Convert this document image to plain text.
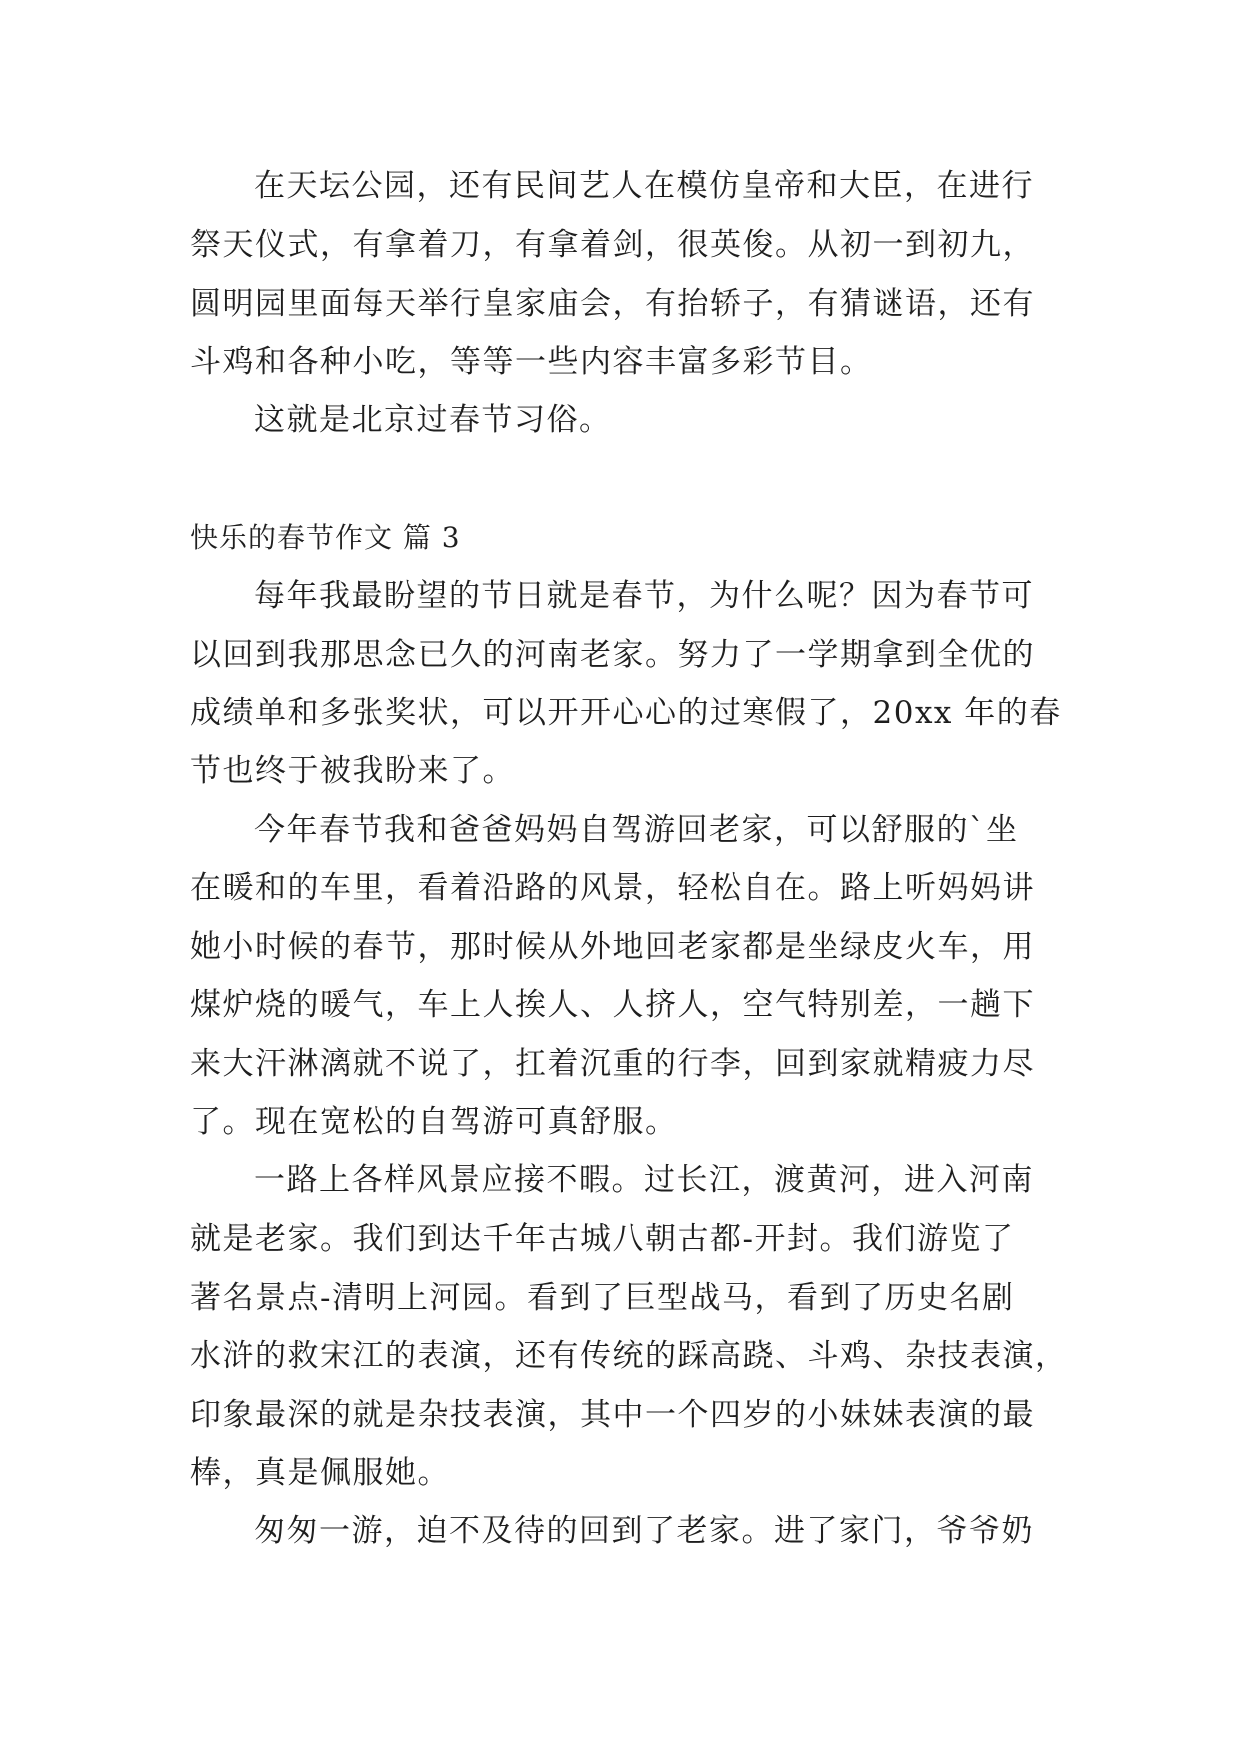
在天坛公园，还有民间艺人在模仿皇帝和大臣，在进行
祭天仪式，有拿着刀，有拿着剑，很英俊。从初一到初九，
圆明园里面每天举行皇家庙会，有抬轿子，有猜谜语，还有
斗鸡和各种小吃，等等一些内容丰富多彩节目。
这就是北京过春节习俗。
快乐的春节作文 篇 3
每年我最盼望的节日就是春节，为什么呢？因为春节可
以回到我那思念已久的河南老家。努力了一学期拿到全优的
成绩单和多张奖状，可以开开心心的过寒假了，20xx 年的春
节也终于被我盼来了。
今年春节我和爸爸妈妈自驾游回老家，可以舒服的`坐
在暖和的车里，看着沿路的风景，轻松自在。路上听妈妈讲
她小时候的春节，那时候从外地回老家都是坐绿皮火车，用
煤炉烧的暖气，车上人挨人、人挤人，空气特别差，一趟下
来大汗淋漓就不说了，扛着沉重的行李，回到家就精疲力尽
了。现在宽松的自驾游可真舒服。
一路上各样风景应接不暇。过长江，渡黄河，进入河南
就是老家。我们到达千年古城八朝古都-开封。我们游览了
著名景点-清明上河园。看到了巨型战马，看到了历史名剧
水浒的救宋江的表演，还有传统的踩高跷、斗鸡、杂技表演，
印象最深的就是杂技表演，其中一个四岁的小妹妹表演的最
棒，真是佩服她。
匆匆一游，迫不及待的回到了老家。进了家门，爷爷奶
